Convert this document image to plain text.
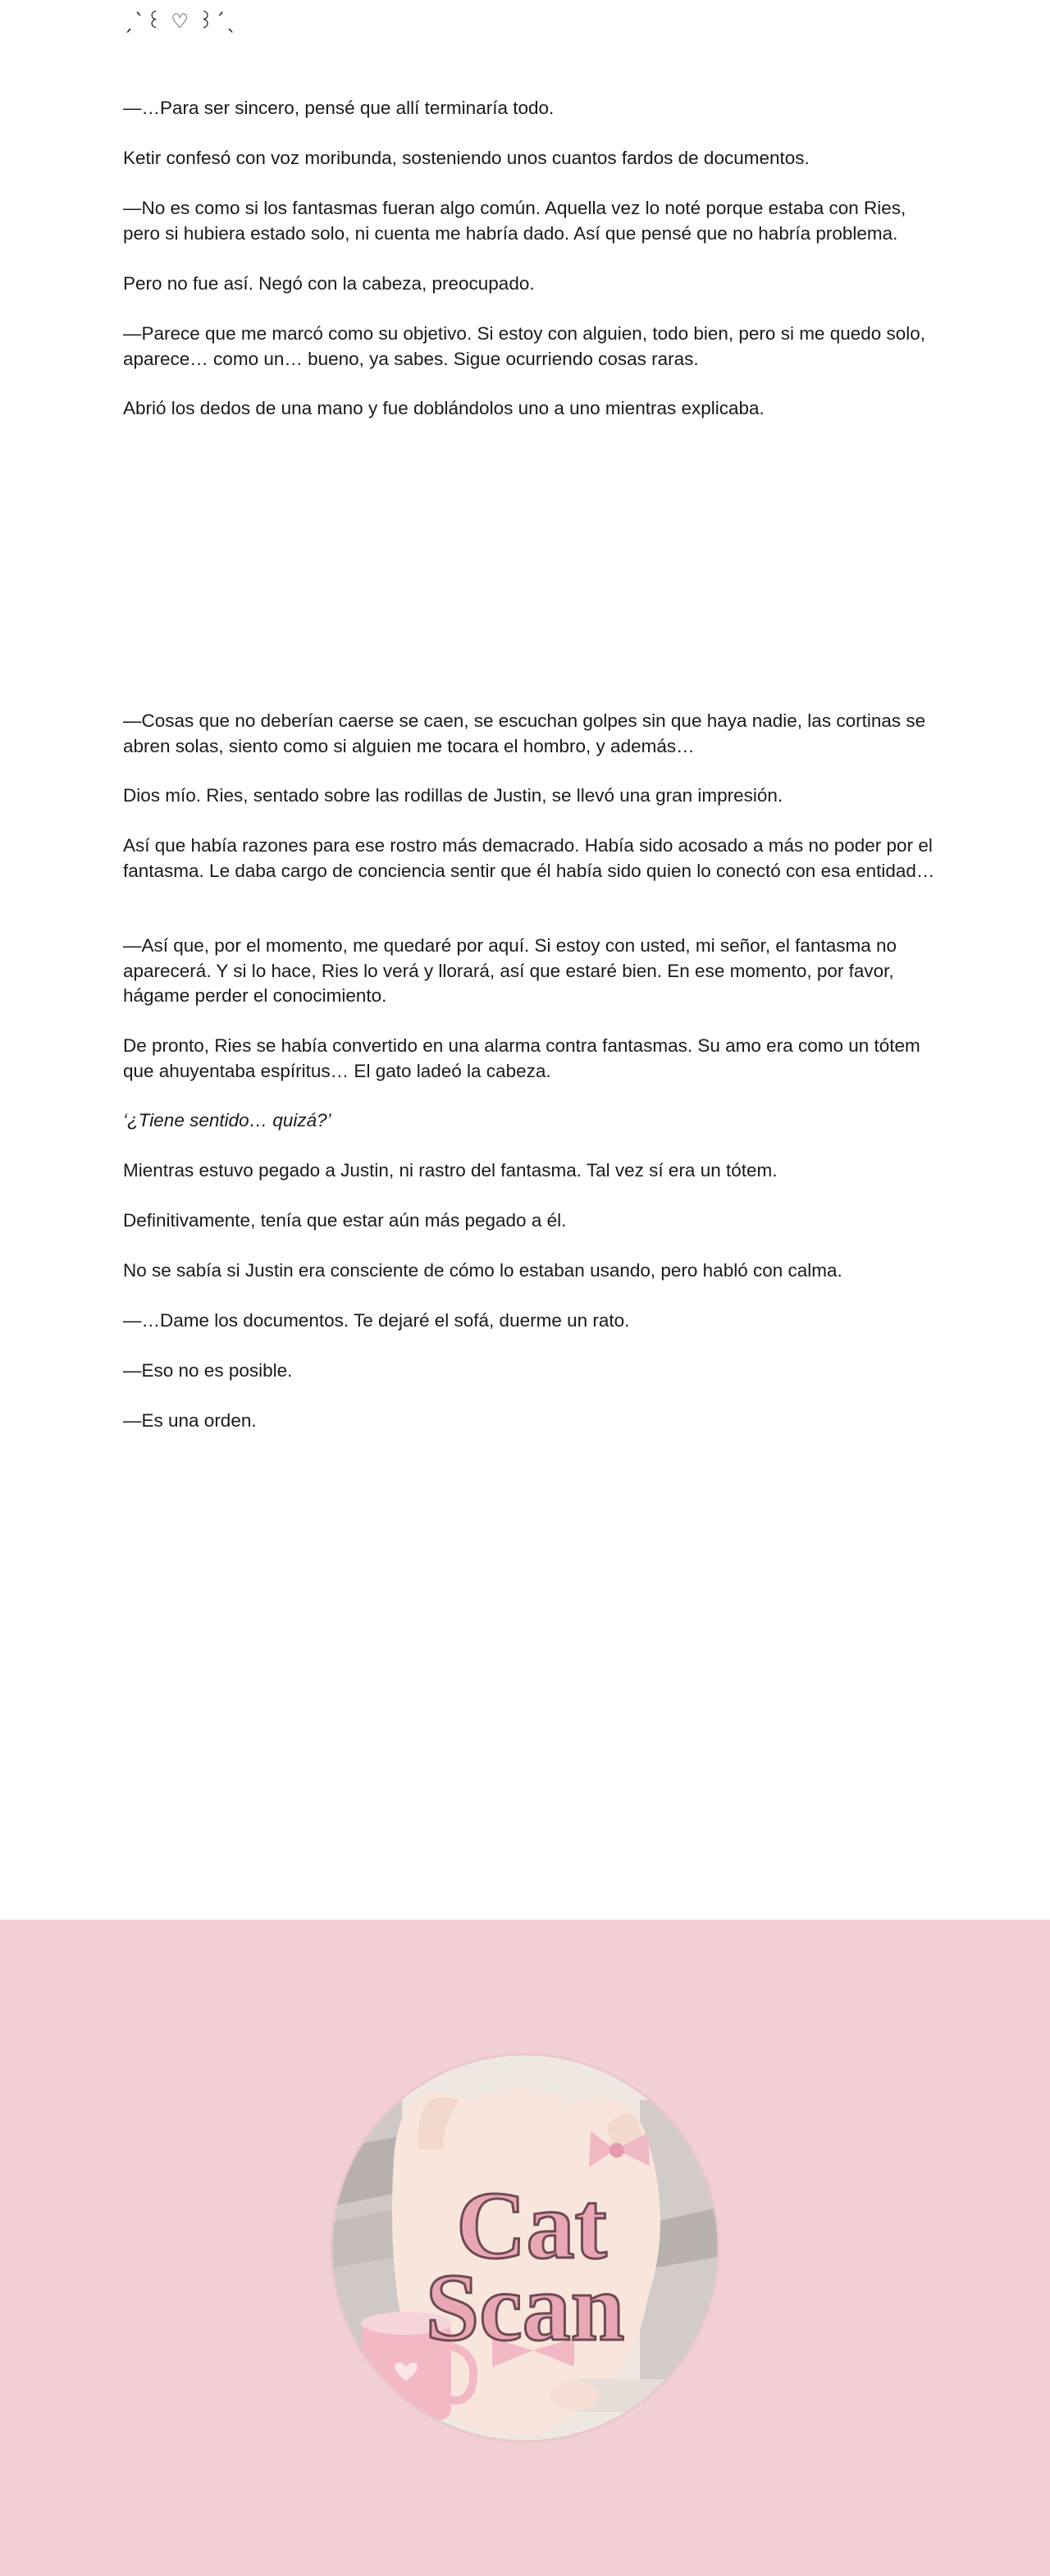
ˏˋ꒰ ♡ ꒱ˊˎ

—…Para ser sincero, pensé que allí terminaría todo.

Ketir confesó con voz moribunda, sosteniendo unos cuantos fardos de documentos.

—No es como si los fantasmas fueran algo común. Aquella vez lo noté porque estaba con Ries, pero si hubiera estado solo, ni cuenta me habría dado. Así que pensé que no habría problema.

Pero no fue así. Negó con la cabeza, preocupado.

—Parece que me marcó como su objetivo. Si estoy con alguien, todo bien, pero si me quedo solo, aparece… como un… bueno, ya sabes. Sigue ocurriendo cosas raras.

Abrió los dedos de una mano y fue doblándolos uno a uno mientras explicaba.

—Cosas que no deberían caerse se caen, se escuchan golpes sin que haya nadie, las cortinas se abren solas, siento como si alguien me tocara el hombro, y además…

Dios mío. Ries, sentado sobre las rodillas de Justin, se llevó una gran impresión.

Así que había razones para ese rostro más demacrado. Había sido acosado a más no poder por el fantasma. Le daba cargo de conciencia sentir que él había sido quien lo conectó con esa entidad…

—Así que, por el momento, me quedaré por aquí. Si estoy con usted, mi señor, el fantasma no aparecerá. Y si lo hace, Ries lo verá y llorará, así que estaré bien. En ese momento, por favor, hágame perder el conocimiento.

De pronto, Ries se había convertido en una alarma contra fantasmas. Su amo era como un tótem que ahuyentaba espíritus… El gato ladeó la cabeza.

‘¿Tiene sentido… quizá?’

Mientras estuvo pegado a Justin, ni rastro del fantasma. Tal vez sí era un tótem.

Definitivamente, tenía que estar aún más pegado a él.

No se sabía si Justin era consciente de cómo lo estaban usando, pero habló con calma.

—…Dame los documentos. Te dejaré el sofá, duerme un rato.

—Eso no es posible.

—Es una orden.

Cat
Scan
